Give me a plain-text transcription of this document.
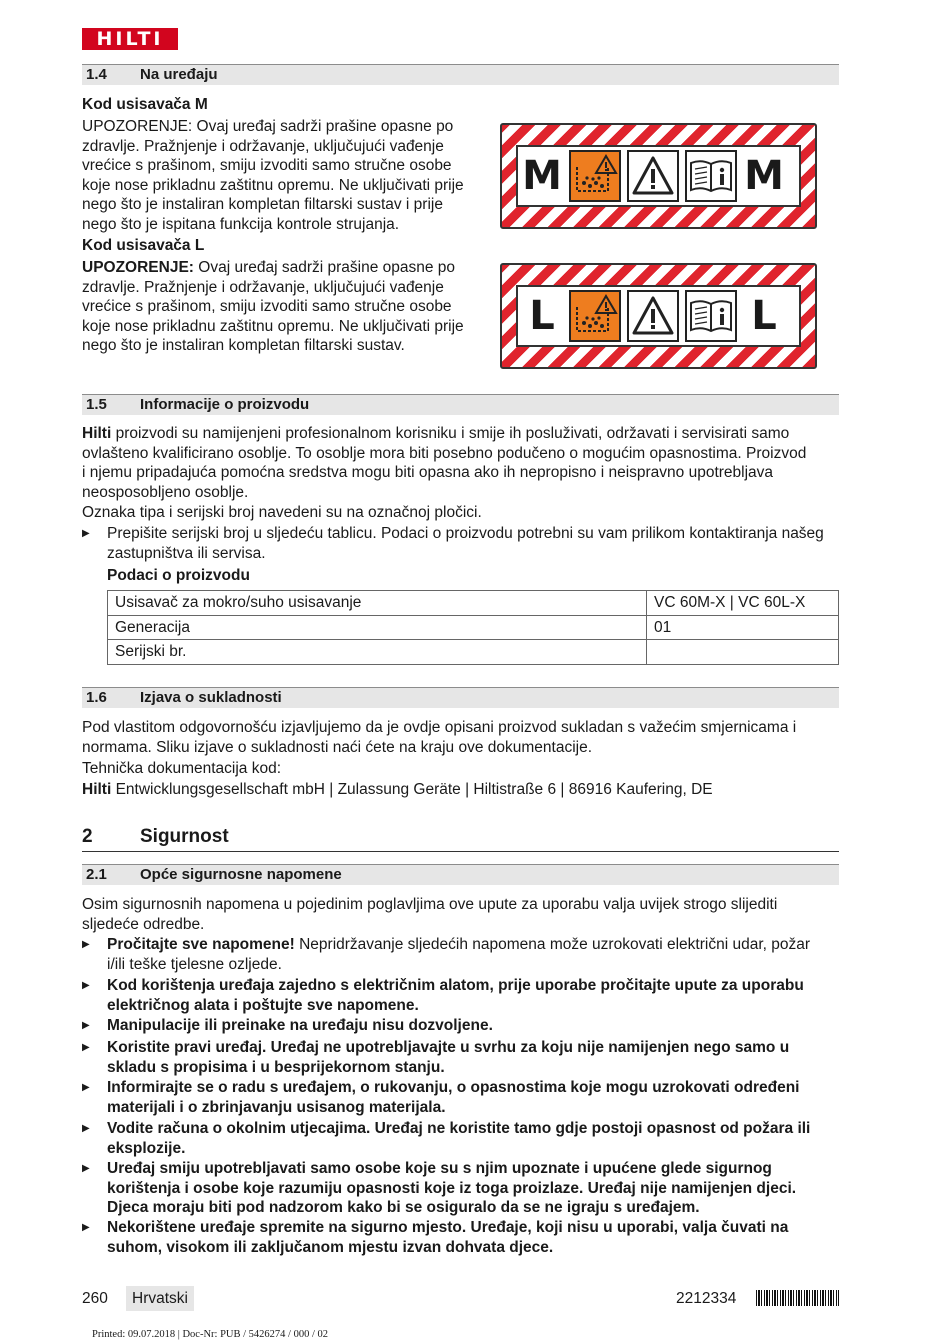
HILTI
1.4 Na uređaju
Kod usisavača M
UPOZORENJE: Ovaj uređaj sadrži prašine opasne po
zdravlje. Pražnjenje i održavanje, uključujući vađenje
vrećice s prašinom, smiju izvoditi samo stručne osobe
koje nose prikladnu zaštitnu opremu. Ne uključivati prije
nego što je instaliran kompletan filtarski sustav i prije
nego što je ispitana funkcija kontrole strujanja.
Kod usisavača L
UPOZORENJE: Ovaj uređaj sadrži prašine opasne po
zdravlje. Pražnjenje i održavanje, uključujući vađenje
vrećice s prašinom, smiju izvoditi samo stručne osobe
koje nose prikladnu zaštitnu opremu. Ne uključivati prije
nego što je instaliran kompletan filtarski sustav.
M	M
L	L
1.5 Informacije o proizvodu
Hilti proizvodi su namijenjeni profesionalnom korisniku i smije ih posluživati, održavati i servisirati samo
ovlašteno kvalificirano osoblje. To osoblje mora biti posebno podučeno o mogućim opasnostima. Proizvod
i njemu pripadajuća pomoćna sredstva mogu biti opasna ako ih nepropisno i neispravno upotrebljava
neosposobljeno osoblje.
Oznaka tipa i serijski broj navedeni su na označnoj pločici.
▶ Prepišite serijski broj u sljedeću tablicu. Podaci o proizvodu potrebni su vam prilikom kontaktiranja našeg
zastupništva ili servisa.
Podaci o proizvodu
Usisavač za mokro/suho usisavanje	VC 60M-X | VC 60L-X
Generacija	01
Serijski br.	
1.6 Izjava o sukladnosti
Pod vlastitom odgovornošću izjavljujemo da je ovdje opisani proizvod sukladan s važećim smjernicama i
normama. Sliku izjave o sukladnosti naći ćete na kraju ove dokumentacije.
Tehnička dokumentacija kod:
Hilti Entwicklungsgesellschaft mbH | Zulassung Geräte | Hiltistraße 6 | 86916 Kaufering, DE
2 Sigurnost
2.1 Opće sigurnosne napomene
Osim sigurnosnih napomena u pojedinim poglavljima ove upute za uporabu valja uvijek strogo slijediti
sljedeće odredbe.
▶ Pročitajte sve napomene! Nepridržavanje sljedećih napomena može uzrokovati električni udar, požar
i/ili teške tjelesne ozljede.
▶ Kod korištenja uređaja zajedno s električnim alatom, prije uporabe pročitajte upute za uporabu
električnog alata i poštujte sve napomene.
▶ Manipulacije ili preinake na uređaju nisu dozvoljene.
▶ Koristite pravi uređaj. Uređaj ne upotrebljavajte u svrhu za koju nije namijenjen nego samo u
skladu s propisima i u besprijekornom stanju.
▶ Informirajte se o radu s uređajem, o rukovanju, o opasnostima koje mogu uzrokovati određeni
materijali i o zbrinjavanju usisanog materijala.
▶ Vodite računa o okolnim utjecajima. Uređaj ne koristite tamo gdje postoji opasnost od požara ili
eksplozije.
▶ Uređaj smiju upotrebljavati samo osobe koje su s njim upoznate i upućene glede sigurnog
korištenja i osobe koje razumiju opasnosti koje iz toga proizlaze. Uređaj nije namijenjen djeci.
Djeca moraju biti pod nadzorom kako bi se osiguralo da se ne igraju s uređajem.
▶ Nekorištene uređaje spremite na sigurno mjesto. Uređaje, koji nisu u uporabi, valja čuvati na
suhom, visokom ili zaključanom mjestu izvan dohvata djece.
260	Hrvatski	2212334
Printed: 09.07.2018 | Doc-Nr: PUB / 5426274 / 000 / 02
